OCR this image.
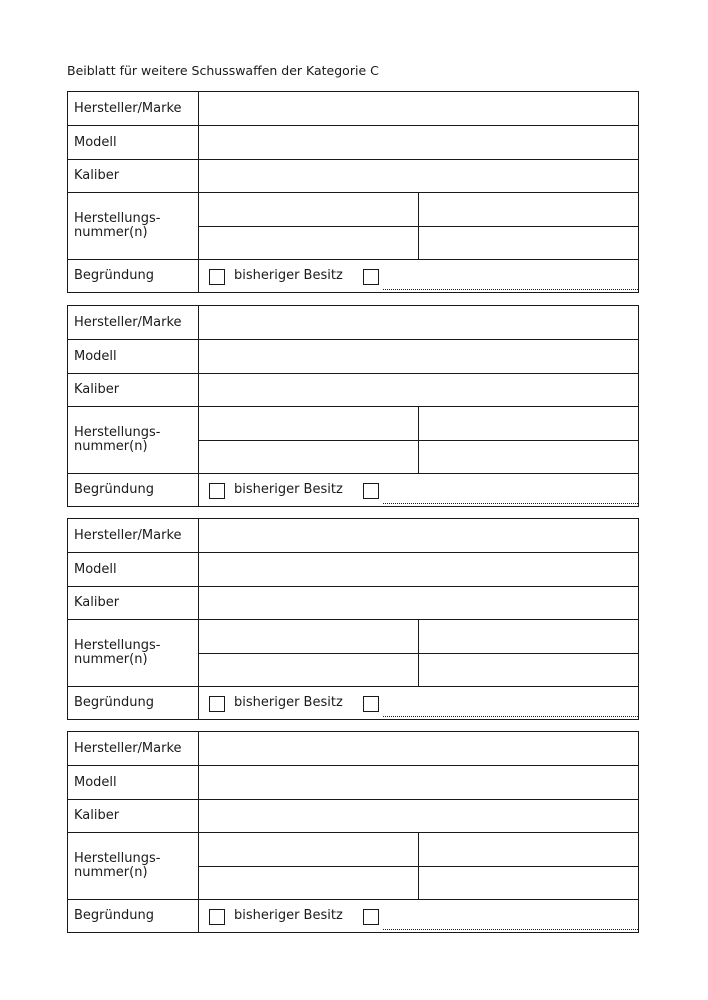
Beiblatt für weitere Schusswaffen der Kategorie C
Hersteller/Marke
Modell
Kaliber
Herstellungs-
nummer(n)
Begründung	bisheriger Besitz
Hersteller/Marke
Modell
Kaliber
Herstellungs-
nummer(n)
Begründung	bisheriger Besitz
Hersteller/Marke
Modell
Kaliber
Herstellungs-
nummer(n)
Begründung	bisheriger Besitz
Hersteller/Marke
Modell
Kaliber
Herstellungs-
nummer(n)
Begründung	bisheriger Besitz
